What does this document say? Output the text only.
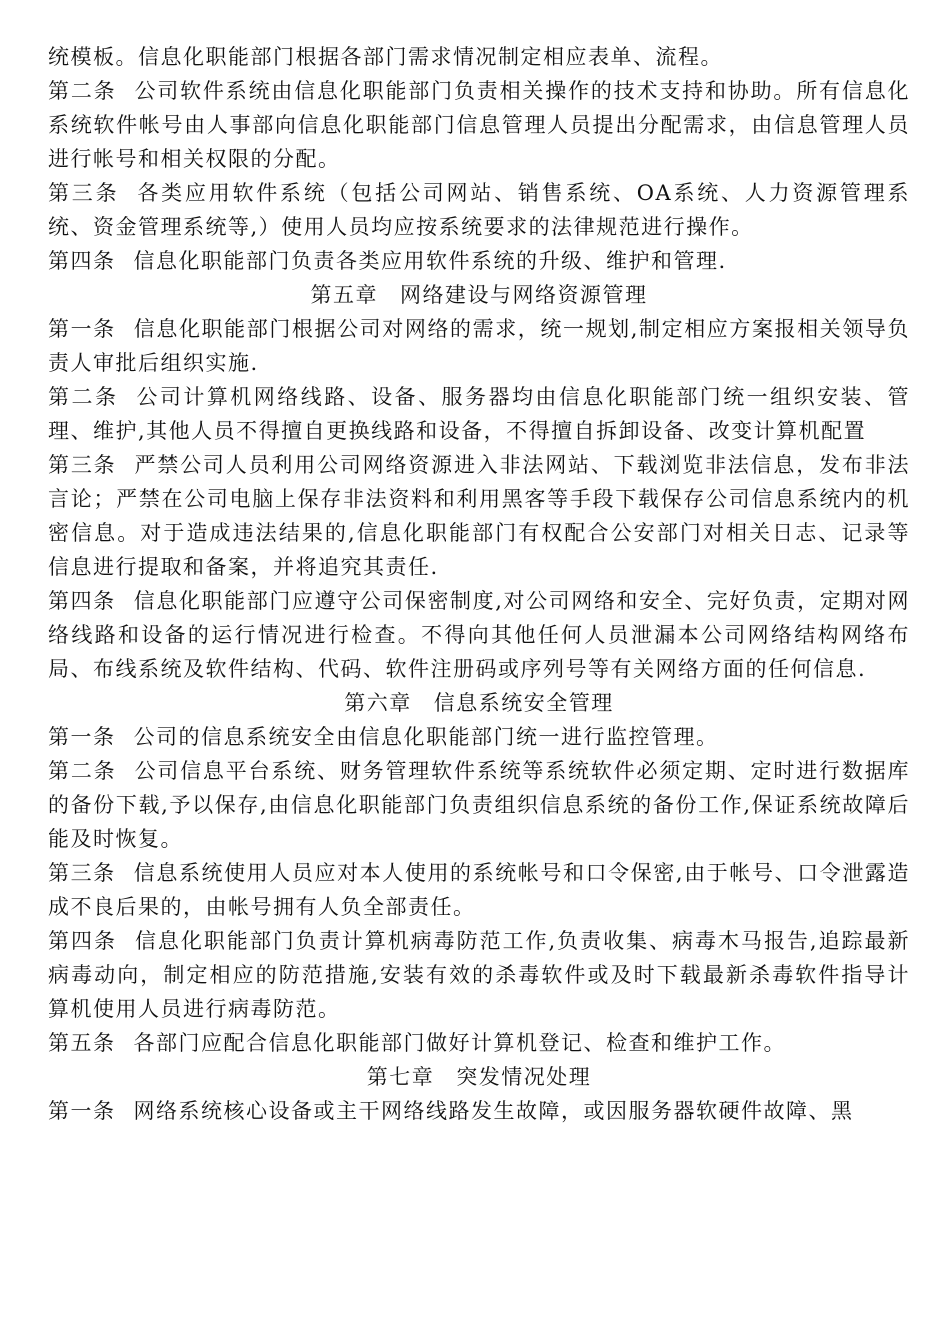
统模板。信息化职能部门根据各部门需求情况制定相应表单、流程。

第二条 公司软件系统由信息化职能部门负责相关操作的技术支持和协助。所有信息化系统软件帐号由人事部向信息化职能部门信息管理人员提出分配需求，由信息管理人员进行帐号和相关权限的分配。

第三条 各类应用软件系统（包括公司网站、销售系统、OA系统、人力资源管理系统、资金管理系统等,）使用人员均应按系统要求的法律规范进行操作。

第四条 信息化职能部门负责各类应用软件系统的升级、维护和管理.

第五章 网络建设与网络资源管理

第一条 信息化职能部门根据公司对网络的需求，统一规划,制定相应方案报相关领导负责人审批后组织实施.

第二条 公司计算机网络线路、设备、服务器均由信息化职能部门统一组织安装、管理、维护,其他人员不得擅自更换线路和设备，不得擅自拆卸设备、改变计算机配置

第三条 严禁公司人员利用公司网络资源进入非法网站、下载浏览非法信息，发布非法言论；严禁在公司电脑上保存非法资料和利用黑客等手段下载保存公司信息系统内的机密信息。对于造成违法结果的,信息化职能部门有权配合公安部门对相关日志、记录等信息进行提取和备案，并将追究其责任.

第四条 信息化职能部门应遵守公司保密制度,对公司网络和安全、完好负责，定期对网络线路和设备的运行情况进行检查。不得向其他任何人员泄漏本公司网络结构网络布局、布线系统及软件结构、代码、软件注册码或序列号等有关网络方面的任何信息.

第六章 信息系统安全管理

第一条 公司的信息系统安全由信息化职能部门统一进行监控管理。

第二条 公司信息平台系统、财务管理软件系统等系统软件必须定期、定时进行数据库的备份下载,予以保存,由信息化职能部门负责组织信息系统的备份工作,保证系统故障后能及时恢复。

第三条 信息系统使用人员应对本人使用的系统帐号和口令保密,由于帐号、口令泄露造成不良后果的，由帐号拥有人负全部责任。

第四条 信息化职能部门负责计算机病毒防范工作,负责收集、病毒木马报告,追踪最新病毒动向，制定相应的防范措施,安装有效的杀毒软件或及时下载最新杀毒软件指导计算机使用人员进行病毒防范。

第五条 各部门应配合信息化职能部门做好计算机登记、检查和维护工作。

第七章 突发情况处理

第一条 网络系统核心设备或主干网络线路发生故障，或因服务器软硬件故障、黑
